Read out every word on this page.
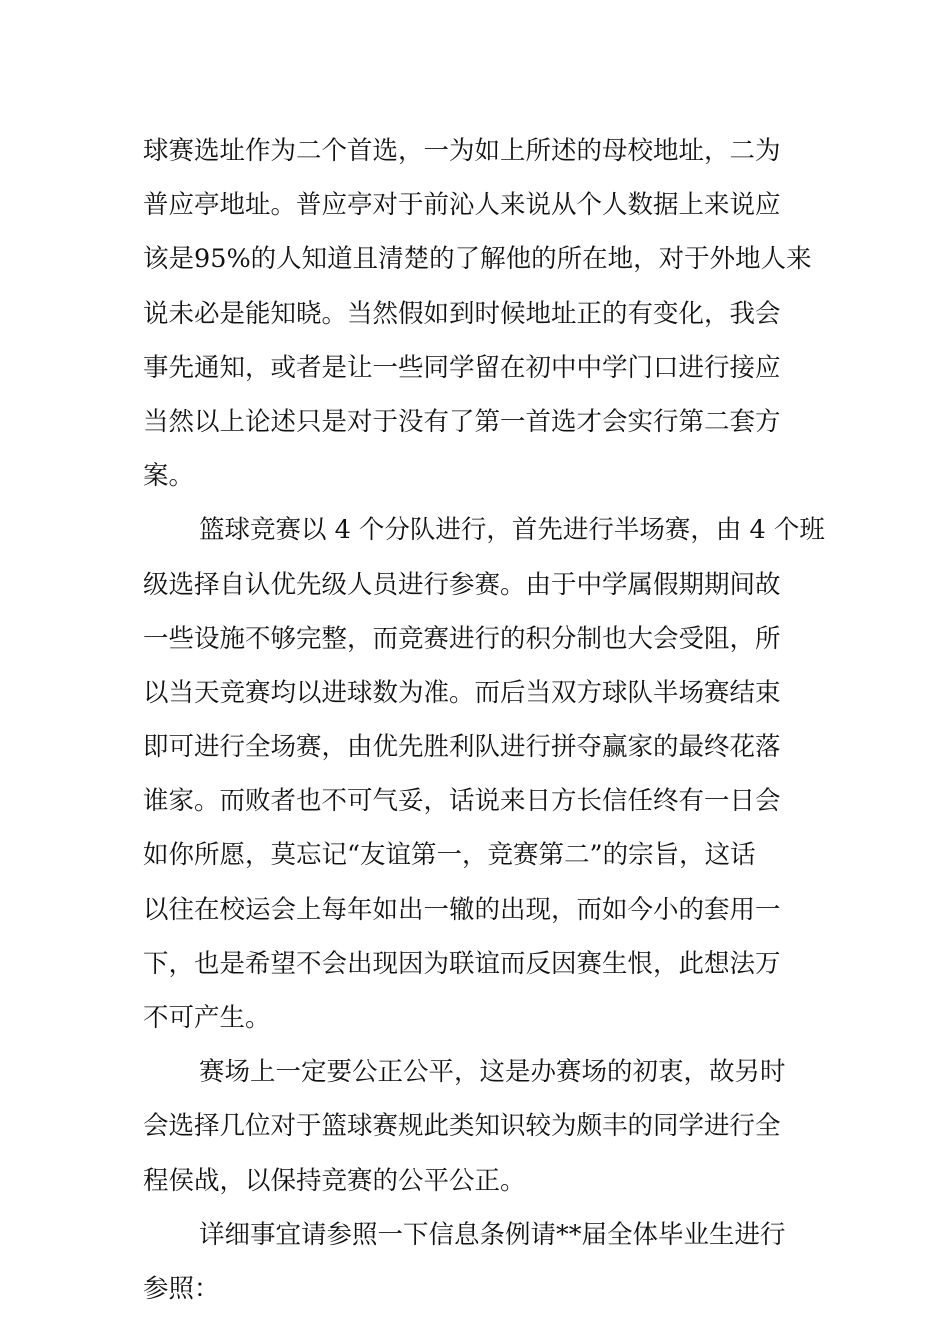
球赛选址作为二个首选，一为如上所述的母校地址，二为
普应亭地址。普应亭对于前沁人来说从个人数据上来说应
该是95%的人知道且清楚的了解他的所在地，对于外地人来
说未必是能知晓。当然假如到时候地址正的有变化，我会
事先通知，或者是让一些同学留在初中中学门口进行接应
当然以上论述只是对于没有了第一首选才会实行第二套方
案。
篮球竞赛以 4 个分队进行，首先进行半场赛，由 4 个班
级选择自认优先级人员进行参赛。由于中学属假期期间故
一些设施不够完整，而竞赛进行的积分制也大会受阻，所
以当天竞赛均以进球数为准。而后当双方球队半场赛结束
即可进行全场赛，由优先胜利队进行拼夺赢家的最终花落
谁家。而败者也不可气妥，话说来日方长信任终有一日会
如你所愿，莫忘记“友谊第一，竞赛第二”的宗旨，这话
以往在校运会上每年如出一辙的出现，而如今小的套用一
下，也是希望不会出现因为联谊而反因赛生恨，此想法万
不可产生。
赛场上一定要公正公平，这是办赛场的初衷，故另时
会选择几位对于篮球赛规此类知识较为颇丰的同学进行全
程侯战，以保持竞赛的公平公正。
详细事宜请参照一下信息条例请**届全体毕业生进行
参照：
